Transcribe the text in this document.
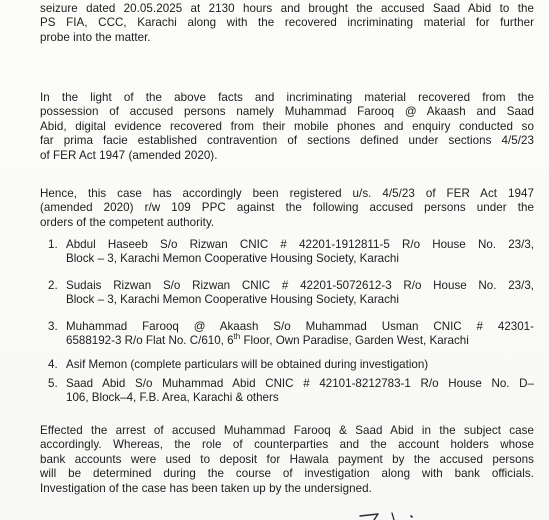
seizure dated 20.05.2025 at 2130 hours and brought the accused Saad Abid to the
PS FIA, CCC, Karachi along with the recovered incriminating material for further
probe into the matter.
In the light of the above facts and incriminating material recovered from the
possession of accused persons namely Muhammad Farooq @ Akaash and Saad
Abid, digital evidence recovered from their mobile phones and enquiry conducted so
far prima facie established contravention of sections defined under sections 4/5/23
of FER Act 1947 (amended 2020).
Hence, this case has accordingly been registered u/s. 4/5/23 of FER Act 1947
(amended 2020) r/w 109 PPC against the following accused persons under the
orders of the competent authority.
1. Abdul Haseeb S/o Rizwan CNIC # 42201-1912811-5 R/o House No. 23/3,
Block – 3, Karachi Memon Cooperative Housing Society, Karachi
2. Sudais Rizwan S/o Rizwan CNIC # 42201-5072612-3 R/o House No. 23/3,
Block – 3, Karachi Memon Cooperative Housing Society, Karachi
3. Muhammad Farooq @ Akaash S/o Muhammad Usman CNIC # 42301-
6588192-3 R/o Flat No. C/610, 6th Floor, Own Paradise, Garden West, Karachi
4. Asif Memon (complete particulars will be obtained during investigation)
5. Saad Abid S/o Muhammad Abid CNIC # 42101-8212783-1 R/o House No. D–
106, Block–4, F.B. Area, Karachi & others
Effected the arrest of accused Muhammad Farooq & Saad Abid in the subject case
accordingly. Whereas, the role of counterparties and the account holders whose
bank accounts were used to deposit for Hawala payment by the accused persons
will be determined during the course of investigation along with bank officials.
Investigation of the case has been taken up by the undersigned.
